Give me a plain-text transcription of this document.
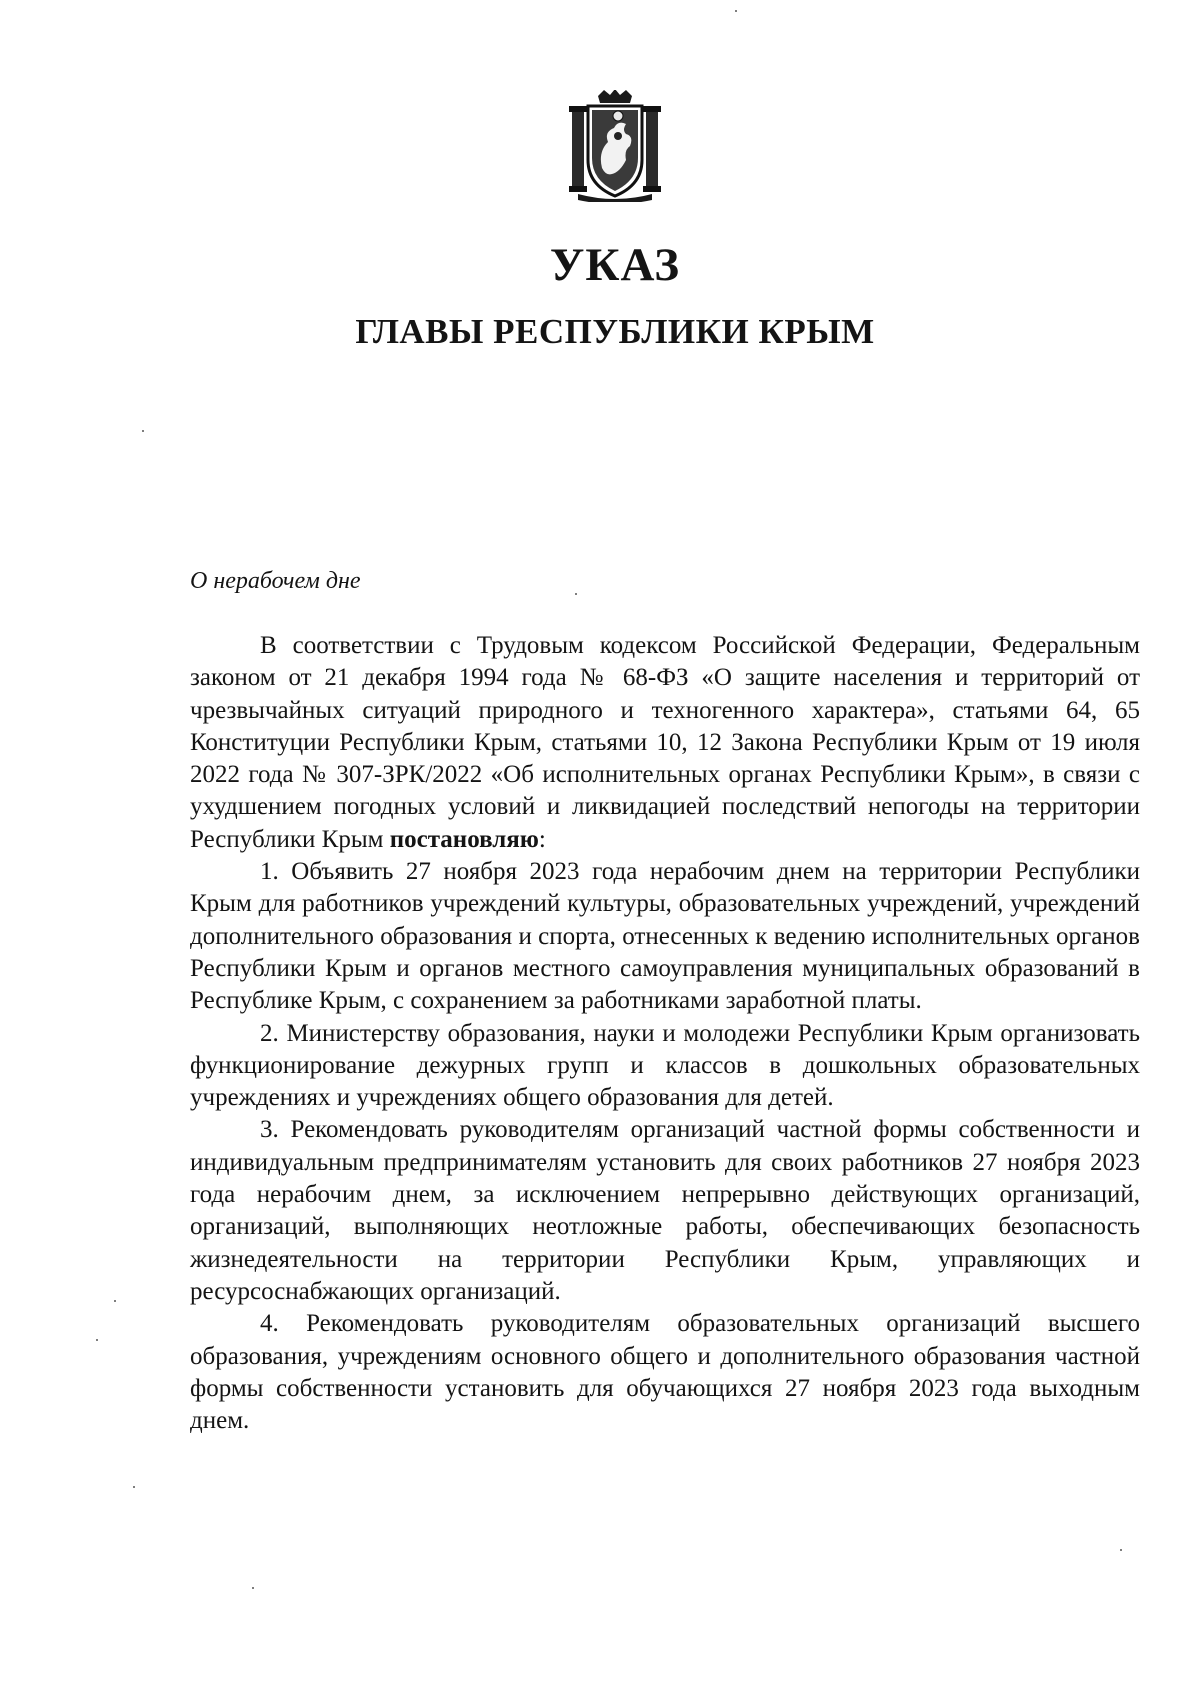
УКАЗ
ГЛАВЫ РЕСПУБЛИКИ КРЫМ
О нерабочем дне

В соответствии с Трудовым кодексом Российской Федерации, Федеральным законом от 21 декабря 1994 года № 68-ФЗ «О защите населения и территорий от чрезвычайных ситуаций природного и техногенного характера», статьями 64, 65 Конституции Республики Крым, статьями 10, 12 Закона Республики Крым от 19 июля 2022 года № 307-ЗРК/2022 «Об исполнительных органах Республики Крым», в связи с ухудшением погодных условий и ликвидацией последствий непогоды на территории Республики Крым постановляю:

1. Объявить 27 ноября 2023 года нерабочим днем на территории Республики Крым для работников учреждений культуры, образовательных учреждений, учреждений дополнительного образования и спорта, отнесенных к ведению исполнительных органов Республики Крым и органов местного самоуправления муниципальных образований в Республике Крым, с сохранением за работниками заработной платы.

2. Министерству образования, науки и молодежи Республики Крым организовать функционирование дежурных групп и классов в дошкольных образовательных учреждениях и учреждениях общего образования для детей.

3. Рекомендовать руководителям организаций частной формы собственности и индивидуальным предпринимателям установить для своих работников 27 ноября 2023 года нерабочим днем, за исключением непрерывно действующих организаций, организаций, выполняющих неотложные работы, обеспечивающих безопасность жизнедеятельности на территории Республики Крым, управляющих и ресурсоснабжающих организаций.

4. Рекомендовать руководителям образовательных организаций высшего образования, учреждениям основного общего и дополнительного образования частной формы собственности установить для обучающихся 27 ноября 2023 года выходным днем.
